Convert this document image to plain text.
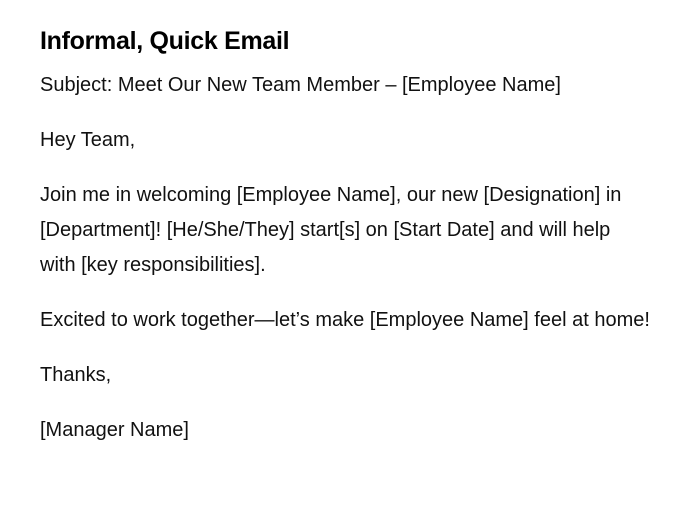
Informal, Quick Email

Subject: Meet Our New Team Member – [Employee Name]

Hey Team,

Join me in welcoming [Employee Name], our new [Designation] in [Department]! [He/She/They] start[s] on [Start Date] and will help with [key responsibilities].

Excited to work together—let’s make [Employee Name] feel at home!

Thanks,

[Manager Name]
